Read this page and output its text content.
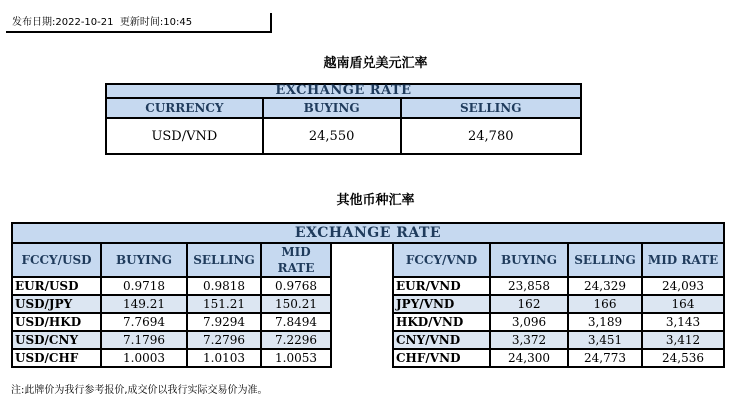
发布日期:2022-10-21 更新时间:10:45
越南盾兑美元汇率
EXCHANGE RATE		
CURRENCY	BUYING	SELLING
USD/VND	24,550	24,780
其他币种汇率
EXCHANGE RATE								
FCCY/USD	BUYING	SELLING	MID RATE		FCCY/VND	BUYING	SELLING	MID RATE
EUR/USD	0.9718	0.9818	0.9768		EUR/VND	23,858	24,329	24,093
USD/JPY	149.21	151.21	150.21		JPY/VND	162	166	164
USD/HKD	7.7694	7.9294	7.8494		HKD/VND	3,096	3,189	3,143
USD/CNY	7.1796	7.2796	7.2296		CNY/VND	3,372	3,451	3,412
USD/CHF	1.0003	1.0103	1.0053		CHF/VND	24,300	24,773	24,536
注:此牌价为我行参考报价,成交价以我行实际交易价为准。
